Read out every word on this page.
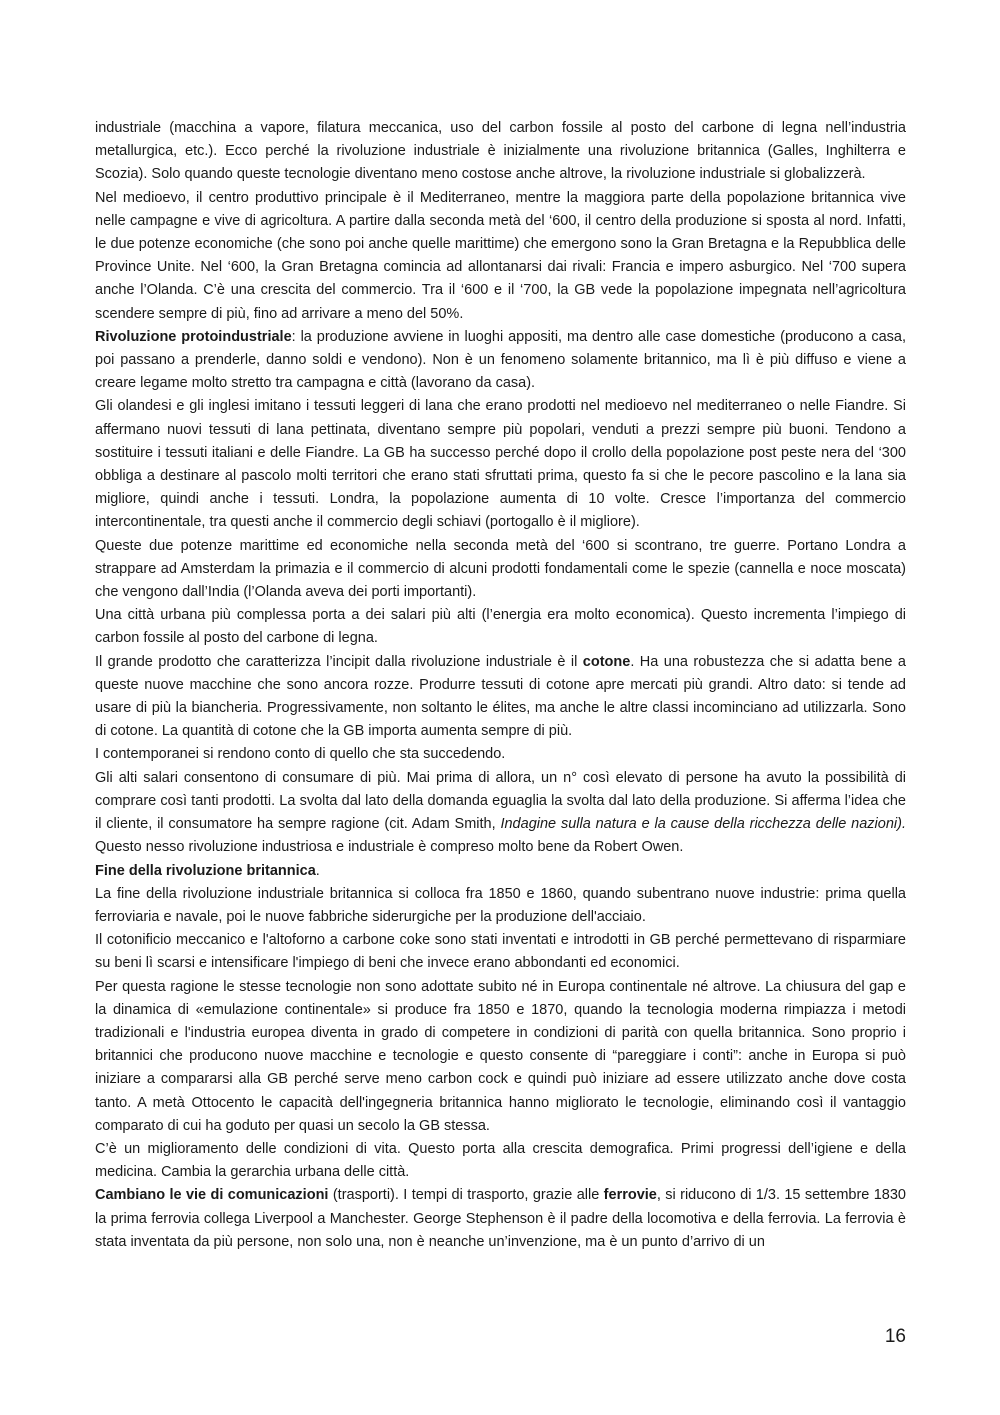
industriale (macchina a vapore, filatura meccanica, uso del carbon fossile al posto del carbone di legna nell’industria metallurgica, etc.). Ecco perché la rivoluzione industriale è inizialmente una rivoluzione britannica (Galles, Inghilterra e Scozia). Solo quando queste tecnologie diventano meno costose anche altrove, la rivoluzione industriale si globalizzerà.

Nel medioevo, il centro produttivo principale è il Mediterraneo, mentre la maggiora parte della popolazione britannica vive nelle campagne e vive di agricoltura. A partire dalla seconda metà del ‘600, il centro della produzione si sposta al nord. Infatti, le due potenze economiche (che sono poi anche quelle marittime) che emergono sono la Gran Bretagna e la Repubblica delle Province Unite. Nel ‘600, la Gran Bretagna comincia ad allontanarsi dai rivali: Francia e impero asburgico. Nel ‘700 supera anche l’Olanda. C’è una crescita del commercio. Tra il ‘600 e il ‘700, la GB vede la popolazione impegnata nell’agricoltura scendere sempre di più, fino ad arrivare a meno del 50%.

Rivoluzione protoindustriale: la produzione avviene in luoghi appositi, ma dentro alle case domestiche (producono a casa, poi passano a prenderle, danno soldi e vendono). Non è un fenomeno solamente britannico, ma lì è più diffuso e viene a creare legame molto stretto tra campagna e città (lavorano da casa).

Gli olandesi e gli inglesi imitano i tessuti leggeri di lana che erano prodotti nel medioevo nel mediterraneo o nelle Fiandre. Si affermano nuovi tessuti di lana pettinata, diventano sempre più popolari, venduti a prezzi sempre più buoni. Tendono a sostituire i tessuti italiani e delle Fiandre. La GB ha successo perché dopo il crollo della popolazione post peste nera del ‘300 obbliga a destinare al pascolo molti territori che erano stati sfruttati prima, questo fa si che le pecore pascolino e la lana sia migliore, quindi anche i tessuti. Londra, la popolazione aumenta di 10 volte. Cresce l’importanza del commercio intercontinentale, tra questi anche il commercio degli schiavi (portogallo è il migliore).

Queste due potenze marittime ed economiche nella seconda metà del ‘600 si scontrano, tre guerre. Portano Londra a strappare ad Amsterdam la primazia e il commercio di alcuni prodotti fondamentali come le spezie (cannella e noce moscata) che vengono dall’India (l’Olanda aveva dei porti importanti).

Una città urbana più complessa porta a dei salari più alti (l’energia era molto economica). Questo incrementa l’impiego di carbon fossile al posto del carbone di legna.

Il grande prodotto che caratterizza l’incipit dalla rivoluzione industriale è il cotone. Ha una robustezza che si adatta bene a queste nuove macchine che sono ancora rozze. Produrre tessuti di cotone apre mercati più grandi. Altro dato: si tende ad usare di più la biancheria. Progressivamente, non soltanto le élites, ma anche le altre classi incominciano ad utilizzarla. Sono di cotone. La quantità di cotone che la GB importa aumenta sempre di più.

I contemporanei si rendono conto di quello che sta succedendo.

Gli alti salari consentono di consumare di più. Mai prima di allora, un n° così elevato di persone ha avuto la possibilità di comprare così tanti prodotti. La svolta dal lato della domanda eguaglia la svolta dal lato della produzione. Si afferma l’idea che il cliente, il consumatore ha sempre ragione (cit. Adam Smith, Indagine sulla natura e la cause della ricchezza delle nazioni). Questo nesso rivoluzione industriosa e industriale è compreso molto bene da Robert Owen.

Fine della rivoluzione britannica.

La fine della rivoluzione industriale britannica si colloca fra 1850 e 1860, quando subentrano nuove industrie: prima quella ferroviaria e navale, poi le nuove fabbriche siderurgiche per la produzione dell'acciaio.

Il cotonificio meccanico e l'altoforno a carbone coke sono stati inventati e introdotti in GB perché permettevano di risparmiare su beni lì scarsi e intensificare l'impiego di beni che invece erano abbondanti ed economici.

Per questa ragione le stesse tecnologie non sono adottate subito né in Europa continentale né altrove. La chiusura del gap e la dinamica di «emulazione continentale» si produce fra 1850 e 1870, quando la tecnologia moderna rimpiazza i metodi tradizionali e l'industria europea diventa in grado di competere in condizioni di parità con quella britannica. Sono proprio i britannici che producono nuove macchine e tecnologie e questo consente di “pareggiare i conti”: anche in Europa si può iniziare a compararsi alla GB perché serve meno carbon cock e quindi può iniziare ad essere utilizzato anche dove costa tanto. A metà Ottocento le capacità dell'ingegneria britannica hanno migliorato le tecnologie, eliminando così il vantaggio comparato di cui ha goduto per quasi un secolo la GB stessa.

C’è un miglioramento delle condizioni di vita. Questo porta alla crescita demografica. Primi progressi dell’igiene e della medicina. Cambia la gerarchia urbana delle città.

Cambiano le vie di comunicazioni (trasporti). I tempi di trasporto, grazie alle ferrovie, si riducono di 1/3. 15 settembre 1830 la prima ferrovia collega Liverpool a Manchester. George Stephenson è il padre della locomotiva e della ferrovia. La ferrovia è stata inventata da più persone, non solo una, non è neanche un’invenzione, ma è un punto d’arrivo di un

16
